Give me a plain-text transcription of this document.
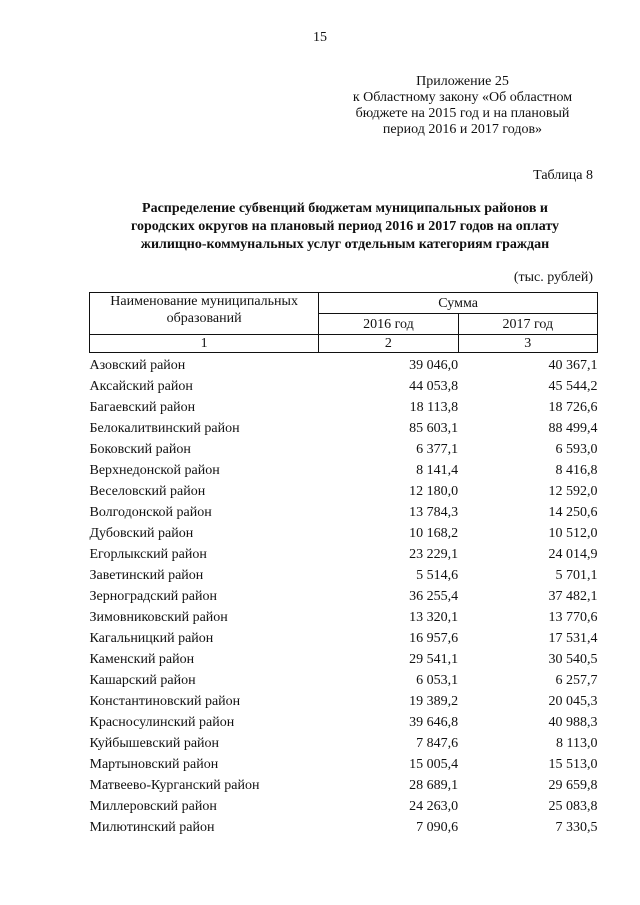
15
Приложение 25
к Областному закону «Об областном
бюджете на 2015 год и на плановый
период 2016 и 2017 годов»
Таблица 8
Распределение субвенций бюджетам муниципальных районов и
городских округов на плановый период 2016 и 2017 годов на оплату
жилищно-коммунальных услуг отдельным категориям граждан
(тыс. рублей)
Наименование муниципальных образований	Сумма	
	2016 год	2017 год
1	2	3
Азовский район	39 046,0	40 367,1
Аксайский район	44 053,8	45 544,2
Багаевский район	18 113,8	18 726,6
Белокалитвинский район	85 603,1	88 499,4
Боковский район	6 377,1	6 593,0
Верхнедонской район	8 141,4	8 416,8
Веселовский район	12 180,0	12 592,0
Волгодонской район	13 784,3	14 250,6
Дубовский район	10 168,2	10 512,0
Егорлыкский район	23 229,1	24 014,9
Заветинский район	5 514,6	5 701,1
Зерноградский район	36 255,4	37 482,1
Зимовниковский район	13 320,1	13 770,6
Кагальницкий район	16 957,6	17 531,4
Каменский район	29 541,1	30 540,5
Кашарский район	6 053,1	6 257,7
Константиновский район	19 389,2	20 045,3
Красносулинский район	39 646,8	40 988,3
Куйбышевский район	7 847,6	8 113,0
Мартыновский район	15 005,4	15 513,0
Матвеево-Курганский район	28 689,1	29 659,8
Миллеровский район	24 263,0	25 083,8
Милютинский район	7 090,6	7 330,5
